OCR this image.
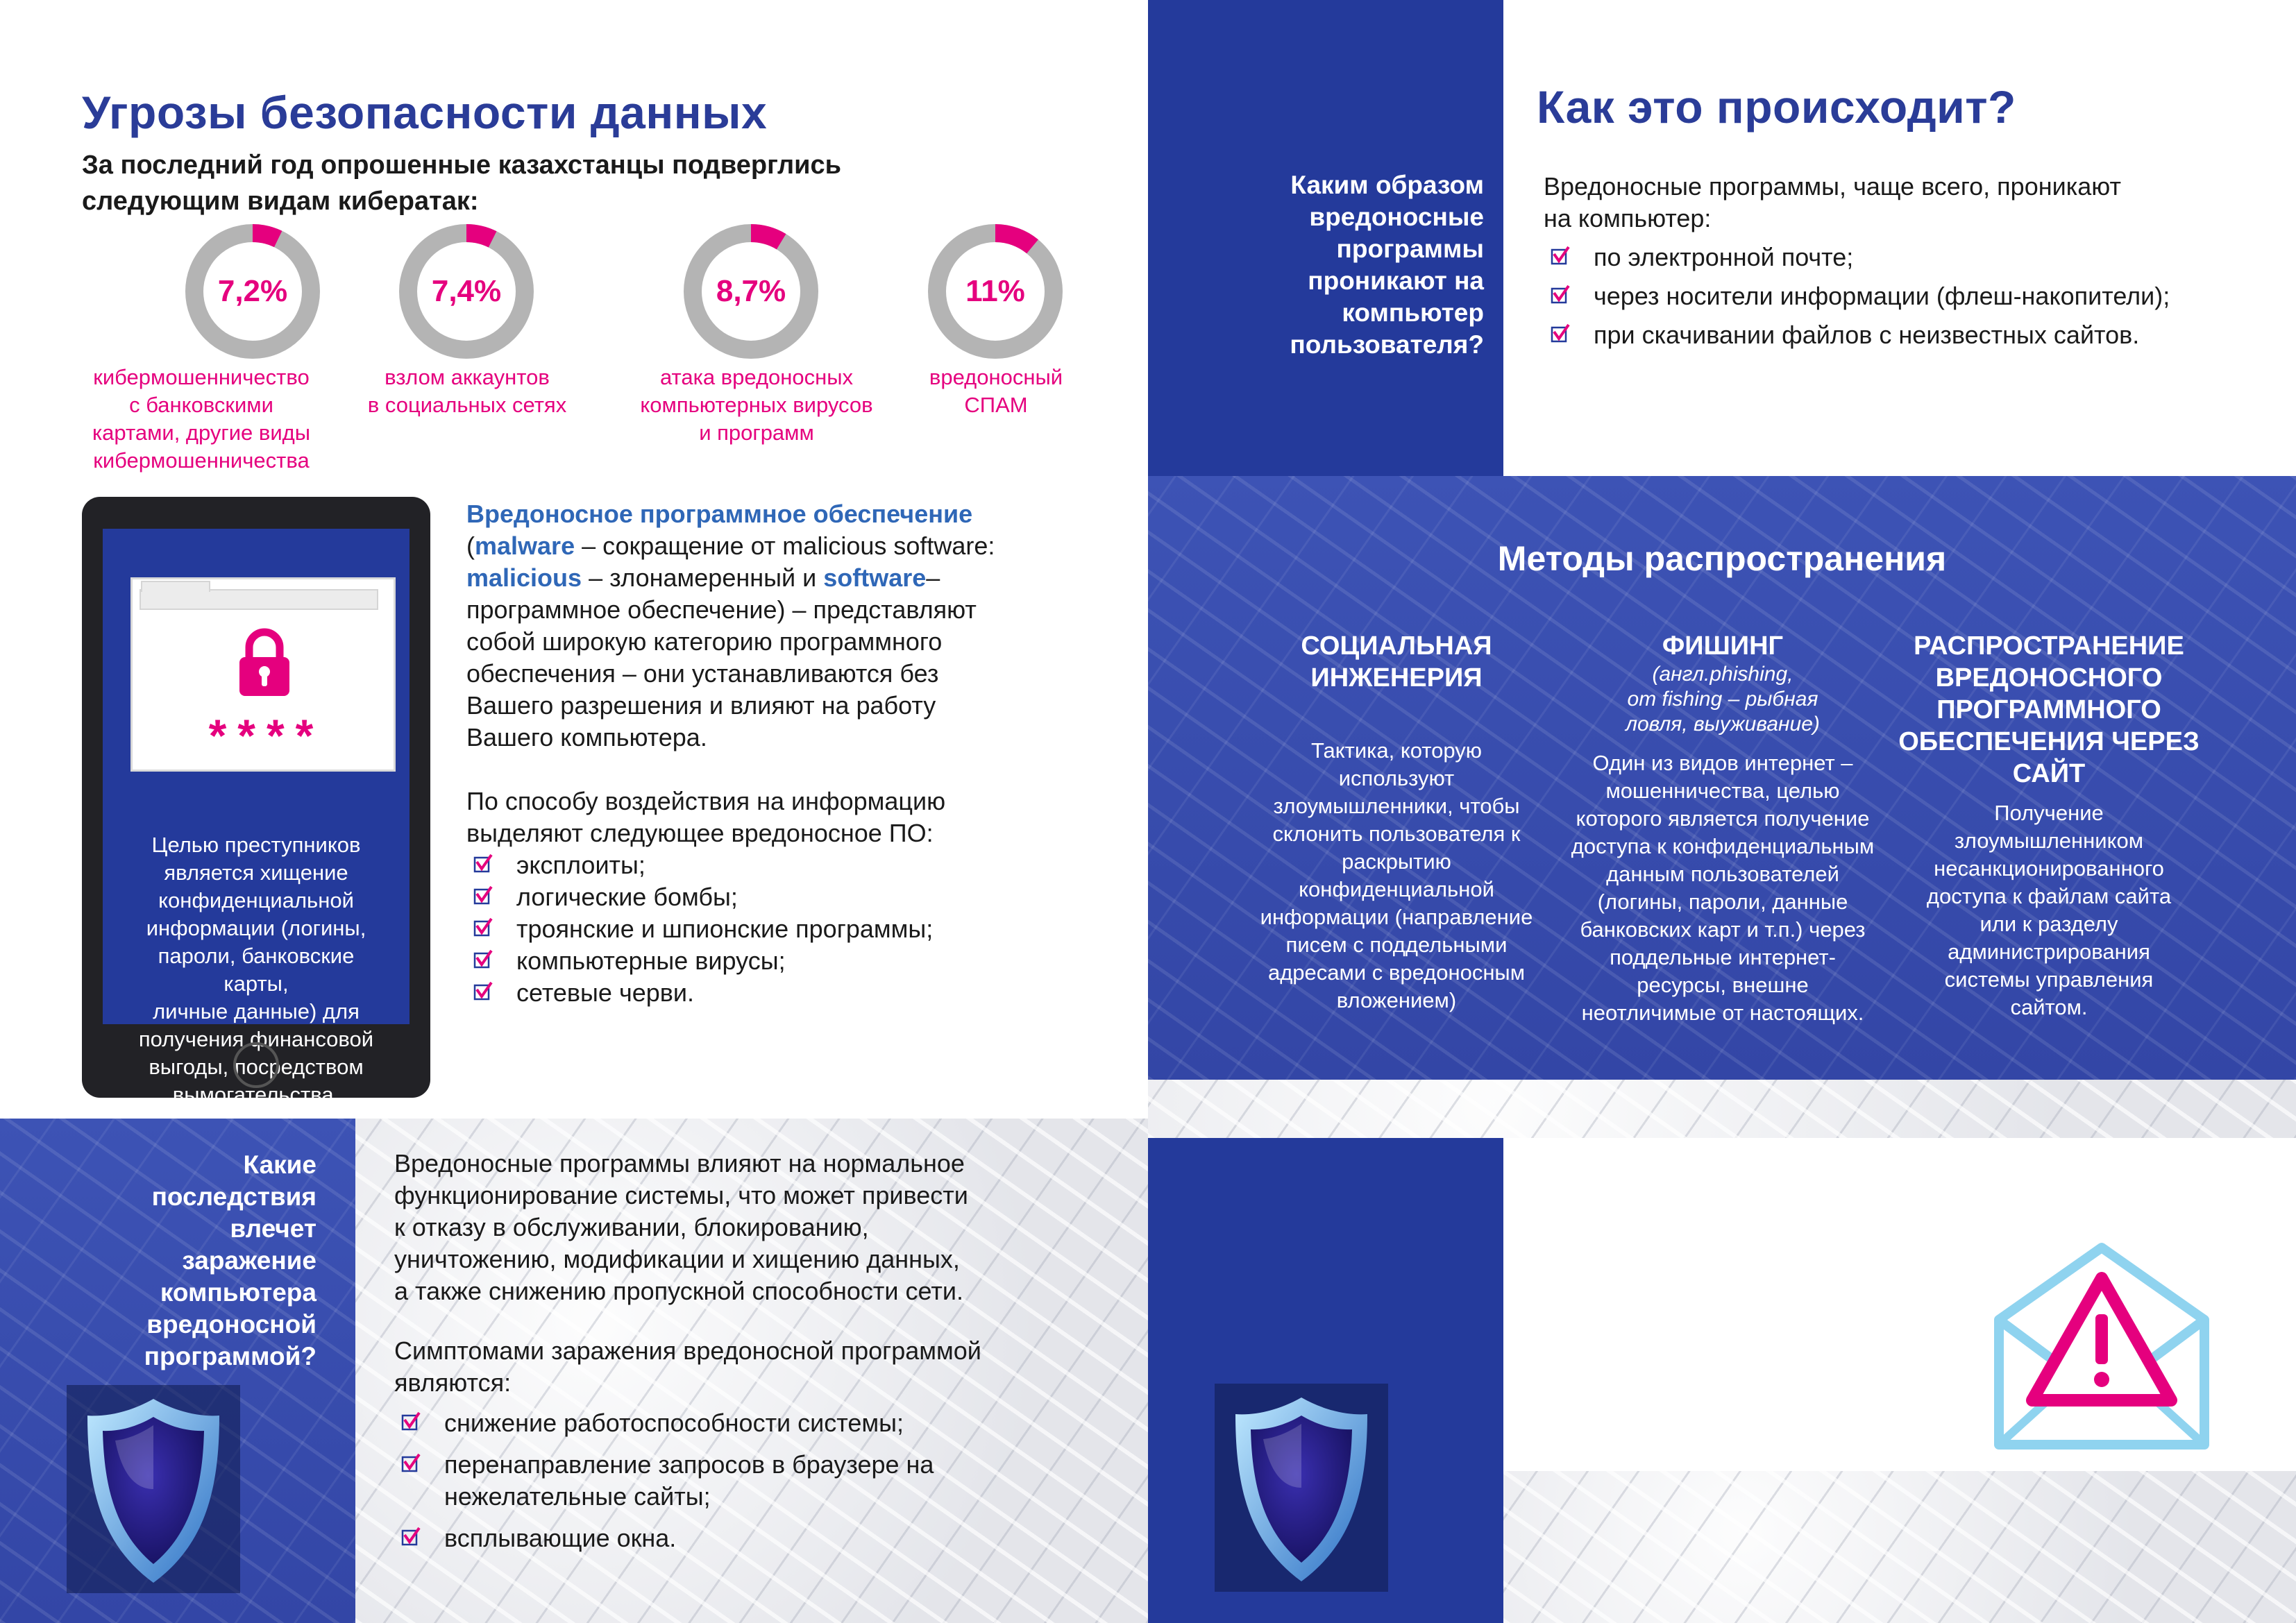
Угрозы безопасности данных
За последний год опрошенные казахстанцы подверглись
следующим видам кибератак:
7,2%
кибермошенничество
с банковскими
картами, другие виды
кибермошенничества
7,4%
взлом аккаунтов
в социальных сетях
8,7%
атака вредоносных
компьютерных вирусов
и программ
11%
вредоносный
СПАМ
****
Целью преступников
является хищение
конфиденциальной
информации (логины,
пароли, банковские карты,
личные данные) для
получения финансовой
выгоды, посредством
вымогательства.
Вредоносное программное обеспечение
(malware – сокращение от malicious software:
malicious – злонамеренный и software–
программное обеспечение) – представляют
собой широкую категорию программного
обеспечения – они устанавливаются без
Вашего разрешения и влияют на работу
Вашего компьютера.
По способу воздействия на информацию
выделяют следующее вредоносное ПО:
эксплоиты;
логические бомбы;
троянские и шпионские программы;
компьютерные вирусы;
сетевые черви.
Какие
последствия
влечет
заражение
компьютера
вредоносной
программой?
Вредоносные программы влияют на нормальное
функционирование системы, что может привести
к отказу в обслуживании, блокированию,
уничтожению, модификации и хищению данных,
а также снижению пропускной способности сети.
Симптомами заражения вредоносной программой
являются:
снижение работоспособности системы;
перенаправление запросов в браузере на
нежелательные сайты;
всплывающие окна.
Каким образом
вредоносные
программы
проникают на
компьютер
пользователя?
Как это происходит?
Вредоносные программы, чаще всего, проникают
на компьютер:
по электронной почте;
через носители информации (флеш-накопители);
при скачивании файлов с неизвестных сайтов.
Методы распространения
СОЦИАЛЬНАЯ
ИНЖЕНЕРИЯ
Тактика, которую
используют
злоумышленники, чтобы
склонить пользователя к
раскрытию
конфиденциальной
информации (направление
писем с поддельными
адресами с вредоносным
вложением)
ФИШИНГ
(англ.phishing,
от fishing – рыбная
ловля, выуживание)
Один из видов интернет –
мошенничества, целью
которого является получение
доступа к конфиденциальным
данным пользователей
(логины, пароли, данные
банковских карт и т.п.) через
поддельные интернет-
ресурсы, внешне
неотличимые от настоящих.
РАСПРОСТРАНЕНИЕ
ВРЕДОНОСНОГО
ПРОГРАММНОГО
ОБЕСПЕЧЕНИЯ ЧЕРЕЗ
САЙТ
Получение
злоумышленником
несанкционированного
доступа к файлам сайта
или к разделу
администрирования
системы управления
сайтом.
